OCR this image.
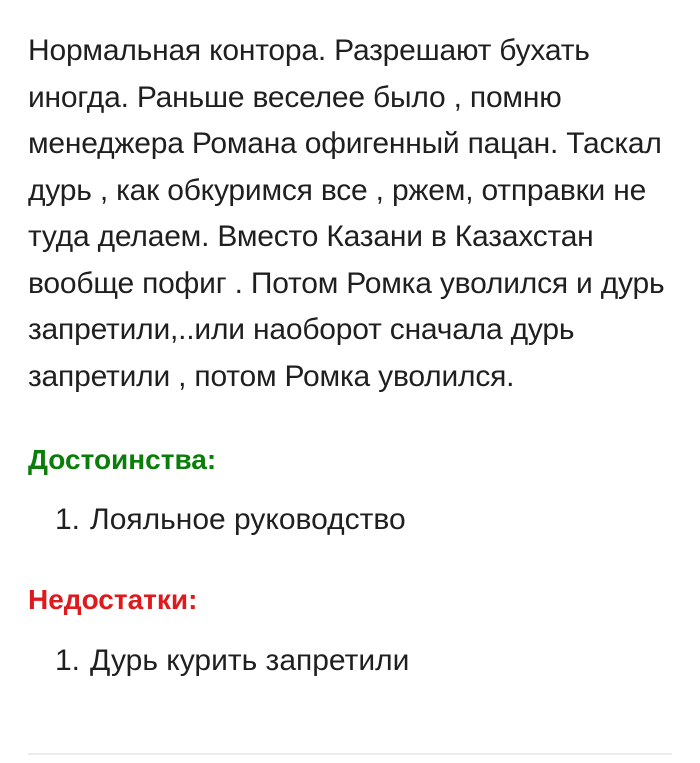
Нормальная контора. Разрешают бухать иногда. Раньше веселее было , помню менеджера Романа офигенный пацан. Таскал дурь , как обкуримся все , ржем, отправки не туда делаем. Вместо Казани в Казахстан вообще пофиг . Потом Ромка уволился и дурь запретили,..или наоборот сначала дурь запретили , потом Ромка уволился.

Достоинства:
1. Лояльное руководство
Недостатки:
1. Дурь курить запретили
